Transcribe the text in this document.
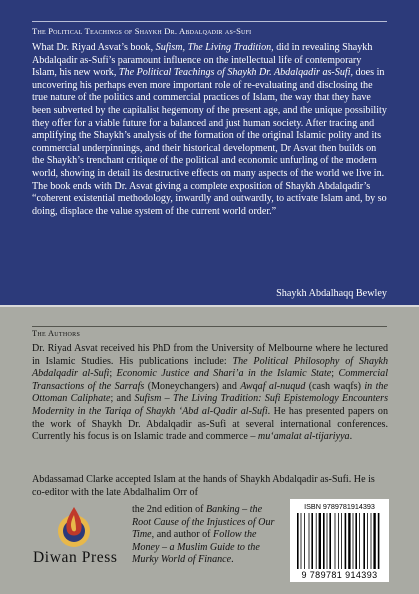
The Political Teachings of Shaykh Dr. Abdalqadir as-Sufi
What Dr. Riyad Asvat’s book, Sufism, The Living Tradition, did in revealing Shaykh Abdalqadir as-Sufi’s paramount influence on the intellectual life of contemporary Islam, his new work, The Political Teachings of Shaykh Dr. Abdalqadir as-Sufi, does in uncovering his perhaps even more important role of re-evaluating and disclosing the true nature of the politics and commercial practices of Islam, the way that they have been subverted by the capitalist hegemony of the present age, and the unique possibility they offer for a viable future for a balanced and just human society. After tracing and amplifying the Shaykh’s analysis of the formation of the original Islamic polity and its commercial underpinnings, and their historical development, Dr Asvat then builds on the Shaykh’s trenchant critique of the political and economic unfurling of the modern world, showing in detail its destructive effects on many aspects of the world we live in. The book ends with Dr. Asvat giving a complete exposition of Shaykh Abdalqadir’s “coherent existential methodology, inwardly and outwardly, to activate Islam and, by so doing, displace the value system of the current world order.”
Shaykh Abdalhaqq Bewley
The Authors
Dr. Riyad Asvat received his PhD from the University of Melbourne where he lectured in Islamic Studies. His publications include: The Political Philosophy of Shaykh Abdalqadir al-Sufi; Economic Justice and Shari’a in the Islamic State; Commercial Transactions of the Sarrafs (Moneychangers) and Awqaf al-nuqud (cash waqfs) in the Ottoman Caliphate; and Sufism – The Living Tradition: Sufi Epistemology Encounters Modernity in the Tariqa of Shaykh ‘Abd al-Qadir al-Sufi. He has presented papers on the work of Shaykh Dr. Abdalqadir as-Sufi at several international conferences. Currently his focus is on Islamic trade and commerce – mu‘amalat al-tijariyya.
Abdassamad Clarke accepted Islam at the hands of Shaykh Abdalqadir as-Sufi. He is co-editor with the late Abdalhalim Orr of
the 2nd edition of Banking – the Root Cause of the Injustices of Our Time, and author of Follow the Money – a Muslim Guide to the Murky World of Finance.
Diwan Press
ISBN 9789781914393
9 789781 914393
